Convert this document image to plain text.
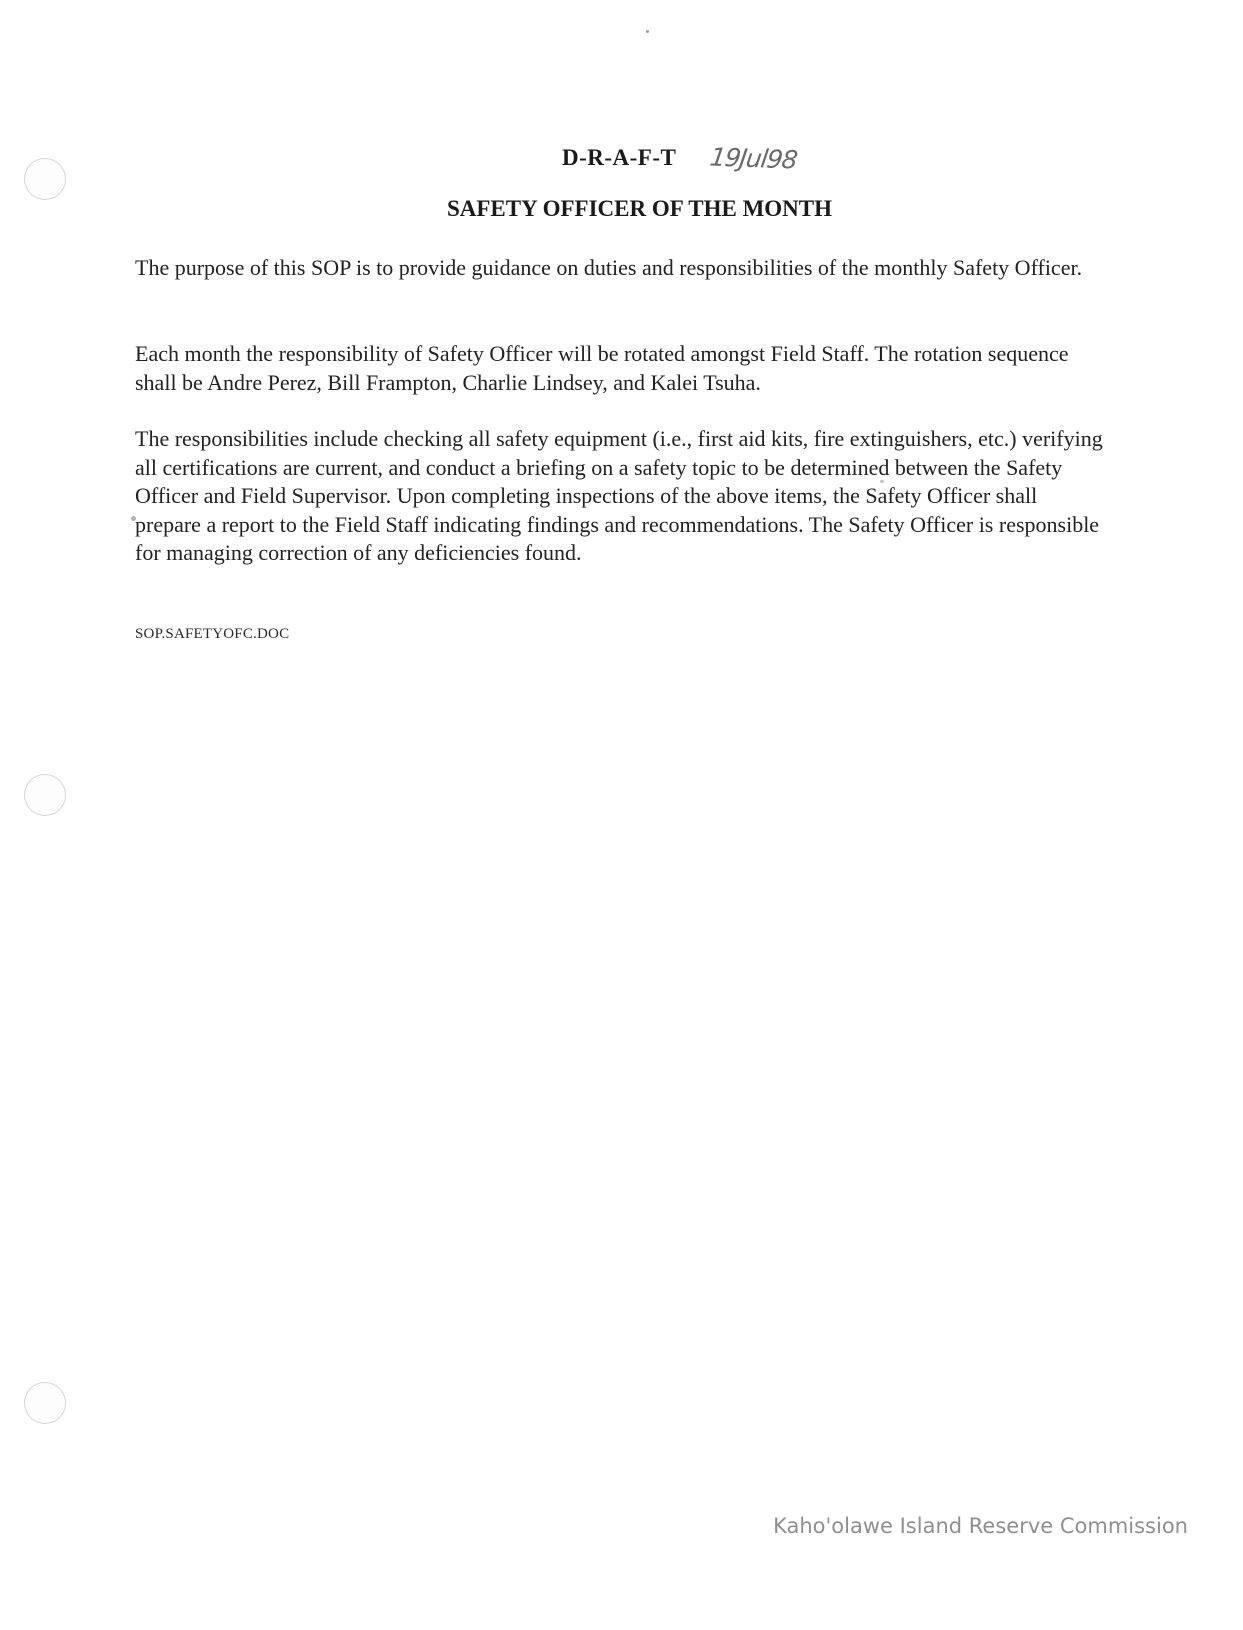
D-R-A-F-T 19Jul98
SAFETY OFFICER OF THE MONTH

The purpose of this SOP is to provide guidance on duties and responsibilities of the monthly Safety Officer.

Each month the responsibility of Safety Officer will be rotated amongst Field Staff. The rotation sequence shall be Andre Perez, Bill Frampton, Charlie Lindsey, and Kalei Tsuha.

The responsibilities include checking all safety equipment (i.e., first aid kits, fire extinguishers, etc.) verifying all certifications are current, and conduct a briefing on a safety topic to be determined between the Safety Officer and Field Supervisor. Upon completing inspections of the above items, the Safety Officer shall prepare a report to the Field Staff indicating findings and recommendations. The Safety Officer is responsible for managing correction of any deficiencies found.

SOP.SAFETYOFC.DOC
Kaho'olawe Island Reserve Commission
